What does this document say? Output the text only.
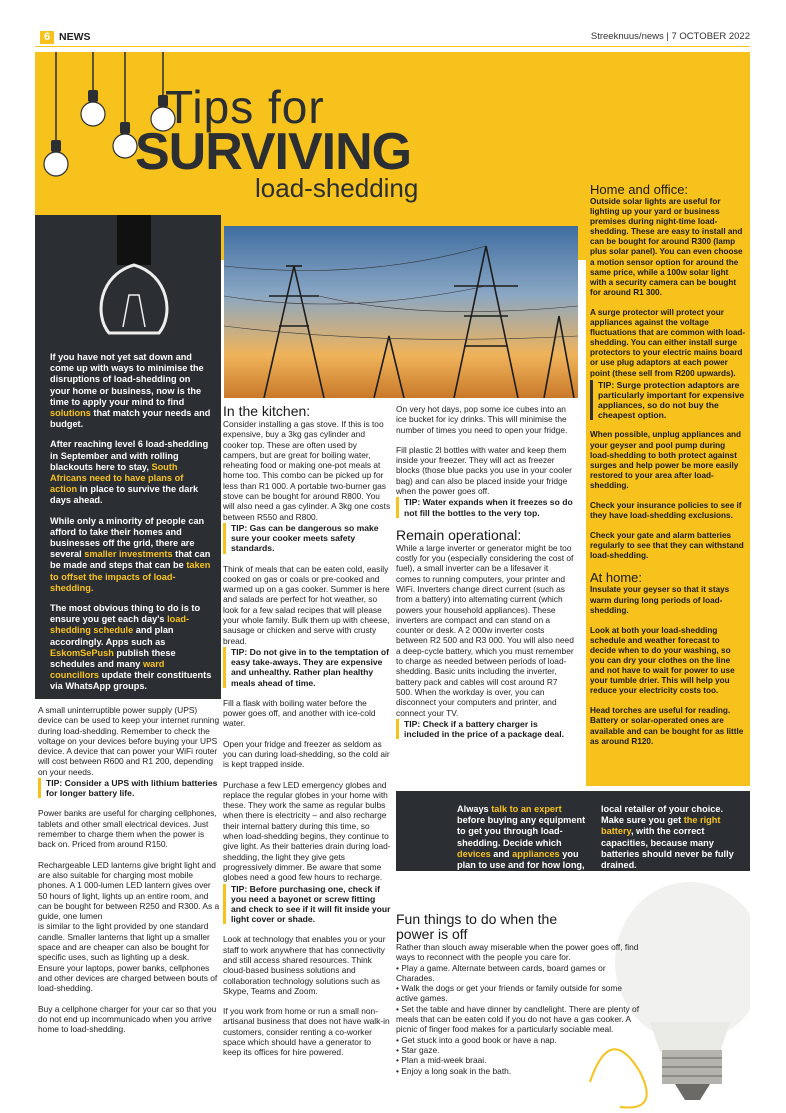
6 NEWS	Streeknuus/news | 7 OCTOBER 2022
Tips for
SURVIVING
load-shedding

If you have not yet sat down and come up with ways to minimise the disruptions of load-shedding on your home or business, now is the time to apply your mind to find solutions that match your needs and budget.

After reaching level 6 load-shedding in September and with rolling blackouts here to stay, South Africans need to have plans of action in place to survive the dark days ahead.

While only a minority of people can afford to take their homes and businesses off the grid, there are several smaller investments that can be made and steps that can be taken to offset the impacts of load-shedding.

The most obvious thing to do is to ensure you get each day's load-shedding schedule and plan accordingly. Apps such as EskomSePush publish these schedules and many ward councillors update their constituents via WhatsApp groups.

A small uninterruptible power supply (UPS) device can be used to keep your internet running during load-shedding. Remember to check the voltage on your devices before buying your UPS device. A device that can power your WiFi router will cost between R600 and R1 200, depending on your needs.

TIP: Consider a UPS with lithium batteries for longer battery life.

Power banks are useful for charging cellphones, tablets and other small electrical devices. Just remember to charge them when the power is back on. Priced from around R150.

Rechargeable LED lanterns give bright light and are also suitable for charging most mobile phones. A 1 000-lumen LED lantern gives over 50 hours of light, lights up an entire room, and can be bought for between R250 and R300. As a guide, one lumen

is similar to the light provided by one standard candle. Smaller lanterns that light up a smaller space and are cheaper can also be bought for specific uses, such as lighting up a desk.

Ensure your laptops, power banks, cellphones and other devices are charged between bouts of load-shedding.

Buy a cellphone charger for your car so that you do not end up incommunicado when you arrive home to load-shedding.

In the kitchen:

Consider installing a gas stove. If this is too expensive, buy a 3kg gas cylinder and cooker top. These are often used by campers, but are great for boiling water, reheating food or making one-pot meals at home too. This combo can be picked up for less than R1 000. A portable two-burner gas stove can be bought for around R800. You will also need a gas cylinder. A 3kg one costs between R550 and R800.

TIP: Gas can be dangerous so make sure your cooker meets safety standards.

Think of meals that can be eaten cold, easily cooked on gas or coals or pre-cooked and warmed up on a gas cooker. Summer is here and salads are perfect for hot weather, so look for a few salad recipes that will please your whole family. Bulk them up with cheese, sausage or chicken and serve with crusty bread.

TIP: Do not give in to the temptation of easy take-aways. They are expensive and unhealthy. Rather plan healthy meals ahead of time.

Fill a flask with boiling water before the power goes off, and another with ice-cold water.

Open your fridge and freezer as seldom as you can during load-shedding, so the cold air is kept trapped inside.

Purchase a few LED emergency globes and replace the regular globes in your home with these. They work the same as regular bulbs when there is electricity – and also recharge their internal battery during this time, so when load-shedding begins, they continue to give light. As their batteries drain during load-shedding, the light they give gets progressively dimmer. Be aware that some globes need a good few hours to recharge.

TIP: Before purchasing one, check if you need a bayonet or screw fitting and check to see if it will fit inside your light cover or shade.

Look at technology that enables you or your staff to work anywhere that has connectivity and still access shared resources. Think cloud-based business solutions and collaboration technology solutions such as Skype, Teams and Zoom.

If you work from home or run a small non-artisanal business that does not have walk-in customers, consider renting a co-worker space which should have a generator to keep its offices for hire powered.

On very hot days, pop some ice cubes into an ice bucket for icy drinks. This will minimise the number of times you need to open your fridge.

Fill plastic 2l bottles with water and keep them inside your freezer. They will act as freezer blocks (those blue packs you use in your cooler bag) and can also be placed inside your fridge when the power goes off.

TIP: Water expands when it freezes so do not fill the bottles to the very top.
Remain operational:

While a large inverter or generator might be too costly for you (especially considering the cost of fuel), a small inverter can be a lifesaver it comes to running computers, your printer and WiFi. Inverters change direct current (such as from a battery) into alternating current (which powers your household appliances). These inverters are compact and can stand on a counter or desk. A 2 000w inverter costs between R2 500 and R3 000. You will also need a deep-cycle battery, which you must remember to charge as needed between periods of load-shedding. Basic units including the inverter, battery pack and cables will cost around R7 500. When the workday is over, you can disconnect your computers and printer, and connect your TV.

TIP: Check if a battery charger is included in the price of a package deal.
Home and office:

Outside solar lights are useful for lighting up your yard or business premises during night-time load-shedding. These are easy to install and can be bought for around R300 (lamp plus solar panel). You can even choose a motion sensor option for around the same price, while a 100w solar light with a security camera can be bought for around R1 300.

A surge protector will protect your appliances against the voltage fluctuations that are common with load-shedding. You can either install surge protectors to your electric mains board or use plug adaptors at each power point (these sell from R200 upwards).

TIP: Surge protection adaptors are particularly important for expensive appliances, so do not buy the cheapest option.

When possible, unplug appliances and your geyser and pool pump during load-shedding to both protect against surges and help power be more easily restored to your area after load-shedding.

Check your insurance policies to see if they have load-shedding exclusions.

Check your gate and alarm batteries regularly to see that they can withstand load-shedding.

At home:

Insulate your geyser so that it stays warm during long periods of load-shedding.

Look at both your load-shedding schedule and weather forecast to decide when to do your washing, so you can dry your clothes on the line and not have to wait for power to use your tumble drier. This will help you reduce your electricity costs too.

Head torches are useful for reading. Battery or solar-operated ones are available and can be bought for as little as around R120.

Always talk to an expert before buying any equipment to get you through load-shedding. Decide which devices and appliances you plan to use and for how long, do some internet research and then go speak to a salesman at a
local retailer of your choice. Make sure you get the right battery, with the correct capacities, because many batteries should never be fully drained.
Fun things to do when the power is off

Rather than slouch away miserable when the power goes off, find ways to reconnect with the people you care for.

• Play a game. Alternate between cards, board games or Charades.

• Walk the dogs or get your friends or family outside for some active games.

• Set the table and have dinner by candlelight. There are plenty of meals that can be eaten cold if you do not have a gas cooker. A picnic of finger food makes for a particularly sociable meal.

• Get stuck into a good book or have a nap.

• Star gaze.

• Plan a mid-week braai.

• Enjoy a long soak in the bath.
